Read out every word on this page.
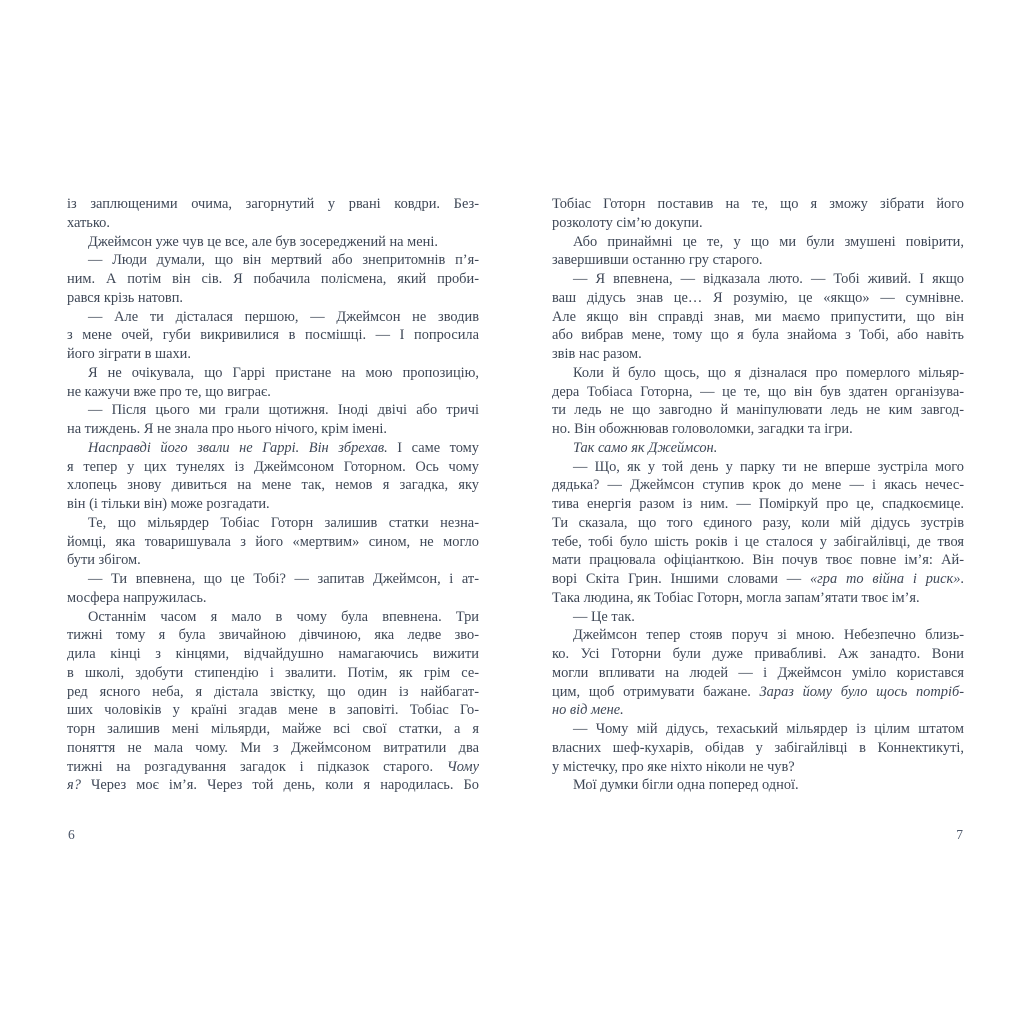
із заплющеними очима, загорнутий у рвані ковдри. Без-
хатько.
Джеймсон уже чув це все, але був зосереджений на мені.
— Люди думали, що він мертвий або знепритомнів п’я-
ним. А потім він сів. Я побачила полісмена, який проби-
рався крізь натовп.
— Але ти дісталася першою, — Джеймсон не зводив
з мене очей, губи викривилися в посмішці. — І попросила
його зіграти в шахи.
Я не очікувала, що Гаррі пристане на мою пропозицію,
не кажучи вже про те, що виграє.
— Після цього ми грали щотижня. Іноді двічі або тричі
на тиждень. Я не знала про нього нічого, крім імені.
Насправді його звали не Гаррі. Він збрехав. І саме тому
я тепер у цих тунелях із Джеймсоном Готорном. Ось чому
хлопець знову дивиться на мене так, немов я загадка, яку
він (і тільки він) може розгадати.
Те, що мільярдер Тобіас Готорн залишив статки незна-
йомці, яка товаришувала з його «мертвим» сином, не могло
бути збігом.
— Ти впевнена, що це Тобі? — запитав Джеймсон, і ат-
мосфера напружилась.
Останнім часом я мало в чому була впевнена. Три
тижні тому я була звичайною дівчиною, яка ледве зво-
дила кінці з кінцями, відчайдушно намагаючись вижити
в школі, здобути стипендію і звалити. Потім, як грім се-
ред ясного неба, я дістала звістку, що один із найбагат-
ших чоловіків у країні згадав мене в заповіті. Тобіас Го-
торн залишив мені мільярди, майже всі свої статки, а я
поняття не мала чому. Ми з Джеймсоном витратили два
тижні на розгадування загадок і підказок старого. Чому
я? Через моє ім’я. Через той день, коли я народилась. Бо
6
Тобіас Готорн поставив на те, що я зможу зібрати його
розколоту сім’ю докупи.
Або принаймні це те, у що ми були змушені повірити,
завершивши останню гру старого.
— Я впевнена, — відказала люто. — Тобі живий. І якщо
ваш дідусь знав це… Я розумію, це «якщо» — сумнівне.
Але якщо він справді знав, ми маємо припустити, що він
або вибрав мене, тому що я була знайома з Тобі, або навіть
звів нас разом.
Коли й було щось, що я дізналася про померлого мільяр-
дера Тобіаса Готорна, — це те, що він був здатен організува-
ти ледь не що завгодно й маніпулювати ледь не ким завгод-
но. Він обожнював головоломки, загадки та ігри.
Так само як Джеймсон.
— Що, як у той день у парку ти не вперше зустріла мого
дядька? — Джеймсон ступив крок до мене — і якась нечес-
тива енергія разом із ним. — Поміркуй про це, спадкоємице.
Ти сказала, що того єдиного разу, коли мій дідусь зустрів
тебе, тобі було шість років і це сталося у забігайлівці, де твоя
мати працювала офіціанткою. Він почув твоє повне ім’я: Ай-
ворі Скіта Грин. Іншими словами — «гра то війна і риск».
Така людина, як Тобіас Готорн, могла запам’ятати твоє ім’я.
— Це так.
Джеймсон тепер стояв поруч зі мною. Небезпечно близь-
ко. Усі Готорни були дуже привабливі. Аж занадто. Вони
могли впливати на людей — і Джеймсон уміло користався
цим, щоб отримувати бажане. Зараз йому було щось потріб-
но від мене.
— Чому мій дідусь, техаський мільярдер із цілим штатом
власних шеф-кухарів, обідав у забігайлівці в Коннектикуті,
у містечку, про яке ніхто ніколи не чув?
Мої думки бігли одна поперед одної.
7
